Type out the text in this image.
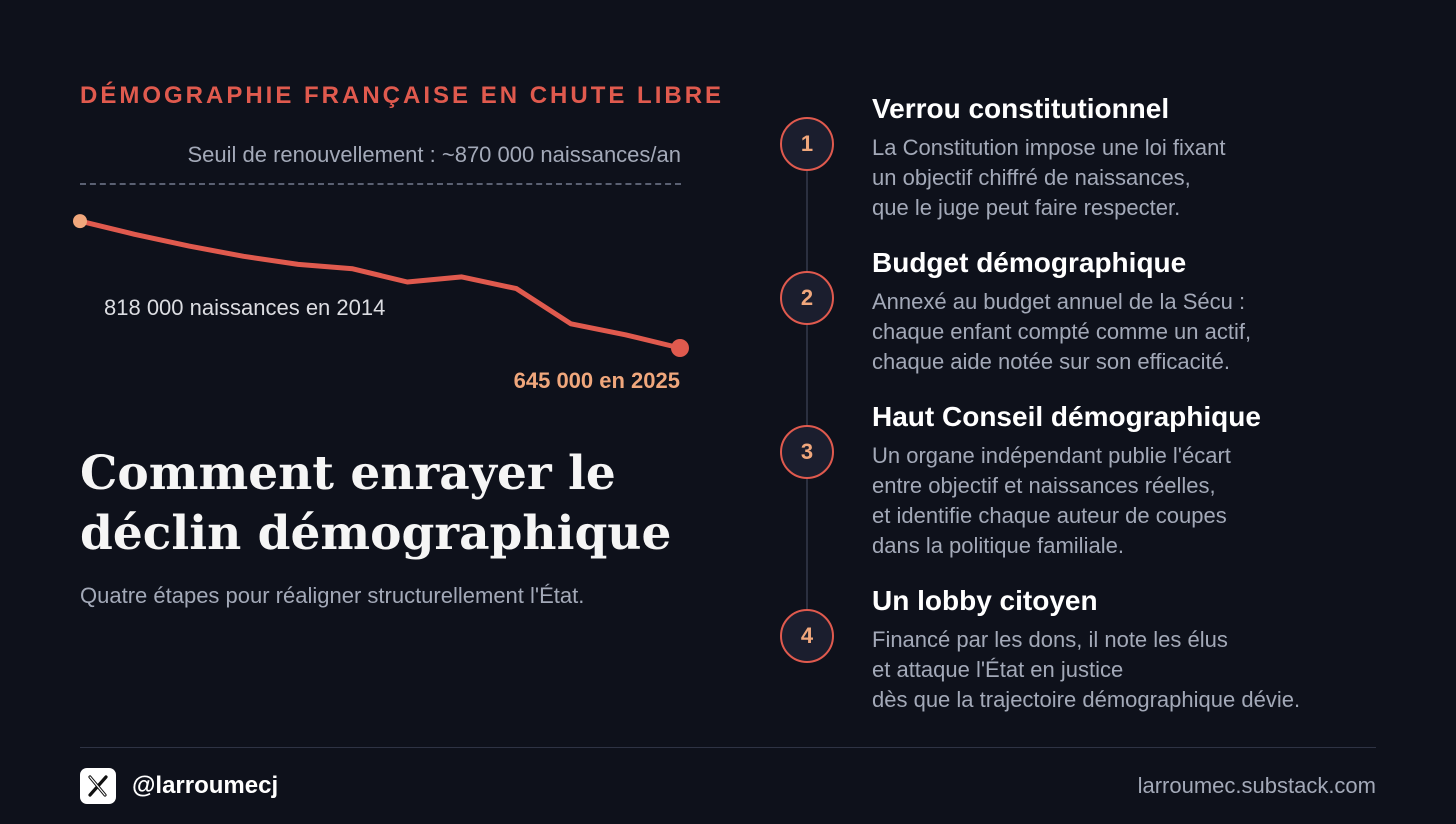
DÉMOGRAPHIE FRANÇAISE EN CHUTE LIBRE
Seuil de renouvellement : ~870 000 naissances/an
818 000 naissances en 2014
645 000 en 2025
Comment enrayer le
déclin démographique
Quatre étapes pour réaligner structurellement l'État.
1
Verrou constitutionnel
La Constitution impose une loi fixant
un objectif chiffré de naissances,
que le juge peut faire respecter.
2
Budget démographique
Annexé au budget annuel de la Sécu :
chaque enfant compté comme un actif,
chaque aide notée sur son efficacité.
3
Haut Conseil démographique
Un organe indépendant publie l'écart
entre objectif et naissances réelles,
et identifie chaque auteur de coupes
dans la politique familiale.
4
Un lobby citoyen
Financé par les dons, il note les élus
et attaque l'État en justice
dès que la trajectoire démographique dévie.
@larroumecj	larroumec.substack.com
